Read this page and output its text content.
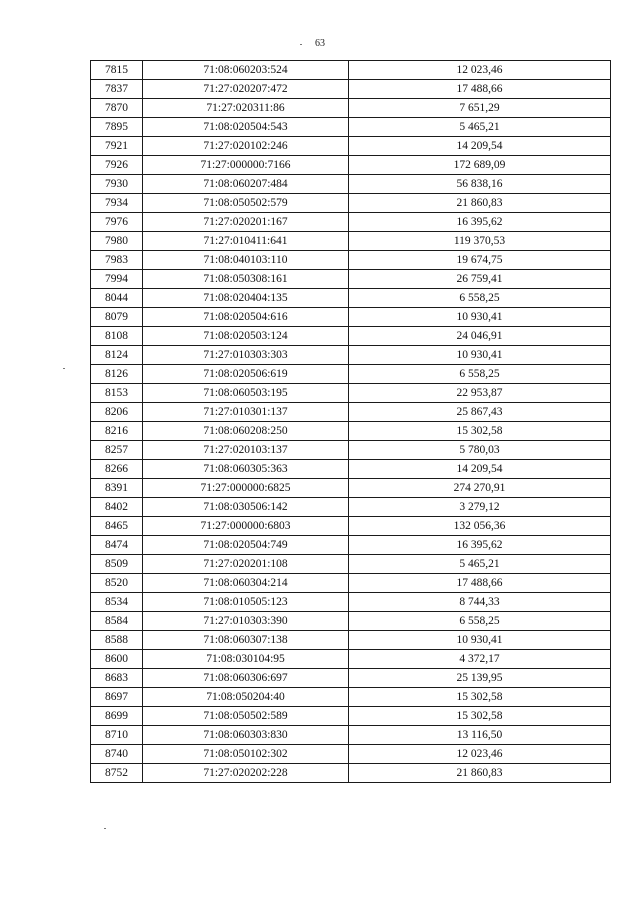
63
7815	71:08:060203:524	12 023,46
7837	71:27:020207:472	17 488,66
7870	71:27:020311:86	7 651,29
7895	71:08:020504:543	5 465,21
7921	71:27:020102:246	14 209,54
7926	71:27:000000:7166	172 689,09
7930	71:08:060207:484	56 838,16
7934	71:08:050502:579	21 860,83
7976	71:27:020201:167	16 395,62
7980	71:27:010411:641	119 370,53
7983	71:08:040103:110	19 674,75
7994	71:08:050308:161	26 759,41
8044	71:08:020404:135	6 558,25
8079	71:08:020504:616	10 930,41
8108	71:08:020503:124	24 046,91
8124	71:27:010303:303	10 930,41
8126	71:08:020506:619	6 558,25
8153	71:08:060503:195	22 953,87
8206	71:27:010301:137	25 867,43
8216	71:08:060208:250	15 302,58
8257	71:27:020103:137	5 780,03
8266	71:08:060305:363	14 209,54
8391	71:27:000000:6825	274 270,91
8402	71:08:030506:142	3 279,12
8465	71:27:000000:6803	132 056,36
8474	71:08:020504:749	16 395,62
8509	71:27:020201:108	5 465,21
8520	71:08:060304:214	17 488,66
8534	71:08:010505:123	8 744,33
8584	71:27:010303:390	6 558,25
8588	71:08:060307:138	10 930,41
8600	71:08:030104:95	4 372,17
8683	71:08:060306:697	25 139,95
8697	71:08:050204:40	15 302,58
8699	71:08:050502:589	15 302,58
8710	71:08:060303:830	13 116,50
8740	71:08:050102:302	12 023,46
8752	71:27:020202:228	21 860,83
